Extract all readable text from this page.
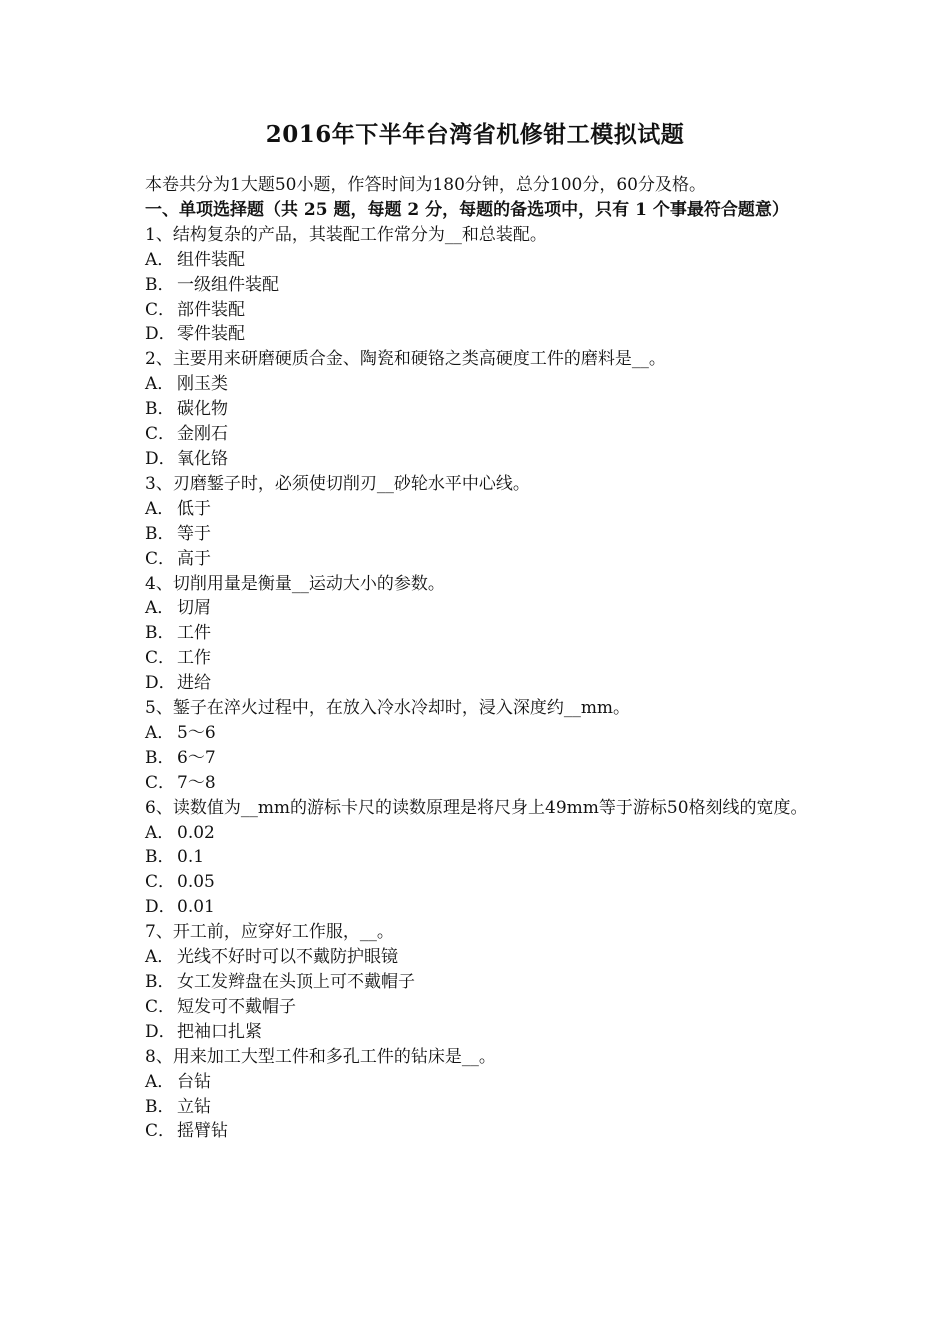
2016年下半年台湾省机修钳工模拟试题

本卷共分为1大题50小题，作答时间为180分钟，总分100分，60分及格。

一、单项选择题（共 25 题，每题 2 分，每题的备选项中，只有 1 个事最符合题意）

1、结构复杂的产品，其装配工作常分为__和总装配。

A． 组件装配

B． 一级组件装配

C． 部件装配

D．零件装配

2、主要用来研磨硬质合金、陶瓷和硬铬之类高硬度工件的磨料是__。

A． 刚玉类

B． 碳化物

C． 金刚石

D．氧化铬

3、刃磨錾子时，必须使切削刃__砂轮水平中心线。

A． 低于

B． 等于

C． 高于

4、切削用量是衡量__运动大小的参数。

A． 切屑

B． 工件

C． 工作

D．进给

5、錾子在淬火过程中，在放入冷水冷却时，浸入深度约__mm。

A． 5～6

B． 6～7

C． 7～8

6、读数值为__mm的游标卡尺的读数原理是将尺身上49mm等于游标50格刻线的宽度。

A． 0.02

B． 0.1

C． 0.05

D．0.01

7、开工前，应穿好工作服，__。

A． 光线不好时可以不戴防护眼镜

B． 女工发辫盘在头顶上可不戴帽子

C． 短发可不戴帽子

D．把袖口扎紧

8、用来加工大型工件和多孔工件的钻床是__。

A． 台钻

B． 立钻

C． 摇臂钻
